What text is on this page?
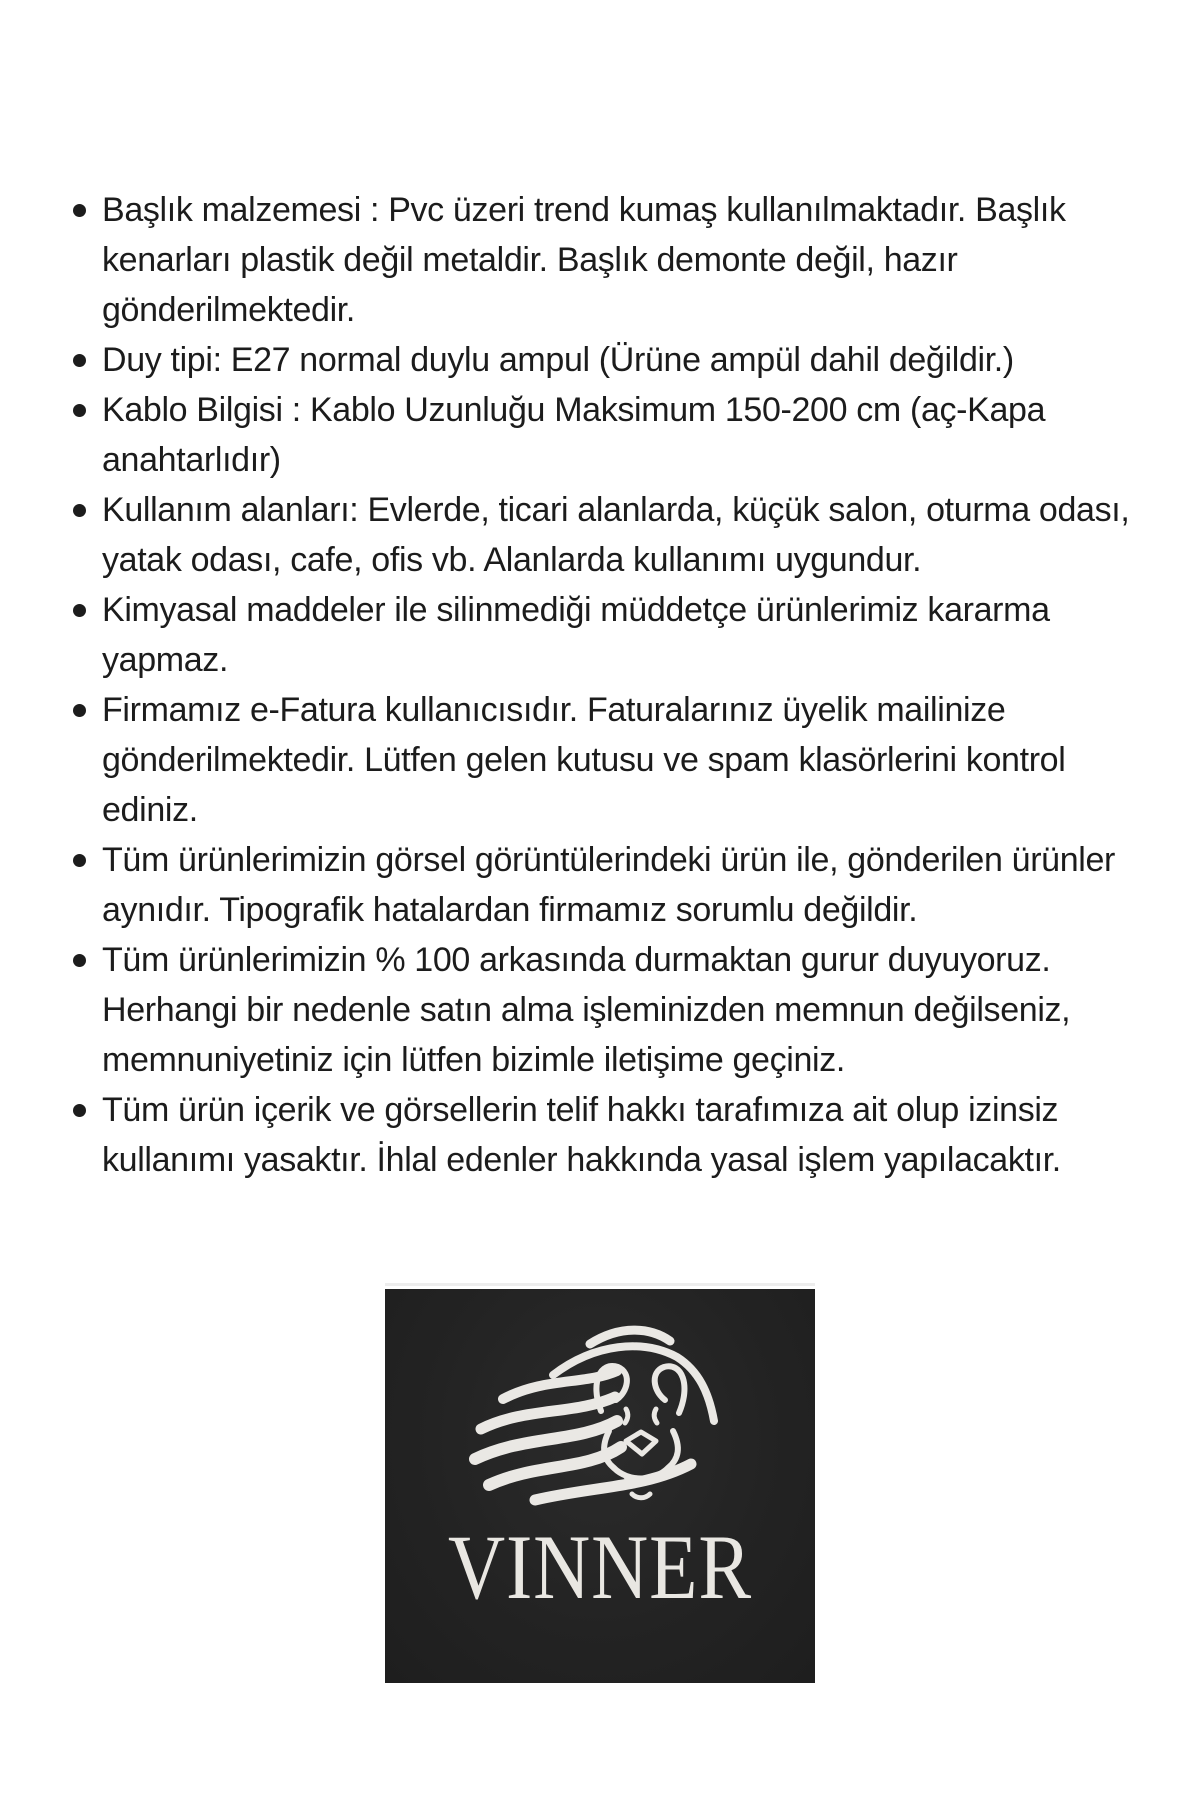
Başlık malzemesi : Pvc üzeri trend kumaş kullanılmaktadır. Başlık kenarları plastik değil metaldir. Başlık demonte değil, hazır gönderilmektedir.
Duy tipi: E27 normal duylu ampul (Ürüne ampül dahil değildir.)
Kablo Bilgisi : Kablo Uzunluğu Maksimum 150-200 cm (aç-Kapa anahtarlıdır)
Kullanım alanları: Evlerde, ticari alanlarda, küçük salon, oturma odası, yatak odası, cafe, ofis vb. Alanlarda kullanımı uygundur.
Kimyasal maddeler ile silinmediği müddetçe ürünlerimiz kararma yapmaz.
Firmamız e-Fatura kullanıcısıdır. Faturalarınız üyelik mailinize gönderilmektedir. Lütfen gelen kutusu ve spam klasörlerini kontrol ediniz.
Tüm ürünlerimizin görsel görüntülerindeki ürün ile, gönderilen ürünler aynıdır. Tipografik hatalardan firmamız sorumlu değildir.
Tüm ürünlerimizin % 100 arkasında durmaktan gurur duyuyoruz. Herhangi bir nedenle satın alma işleminizden memnun değilseniz, memnuniyetiniz için lütfen bizimle iletişime geçiniz.
Tüm ürün içerik ve görsellerin telif hakkı tarafımıza ait olup izinsiz kullanımı yasaktır. İhlal edenler hakkında yasal işlem yapılacaktır.
VINNER
